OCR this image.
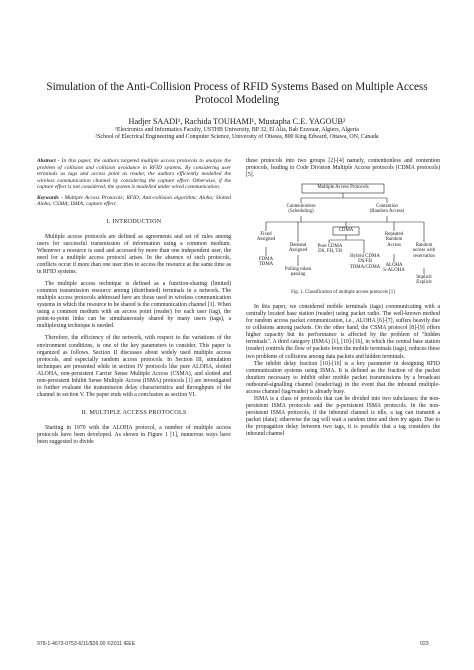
Simulation of the Anti-Collision Process of RFID Systems Based on Multiple Access Protocol Modeling
Hadjer SAADI¹, Rachida TOUHAMI¹, Mustapha C.E. YAGOUB²
¹Electronics and Informatics Faculty, USTHB University, BP 32, El Alia, Bab Ezzouar, Algiers, Algeria
²School of Electrical Engineering and Computer Science, University of Ottawa, 800 King Edward, Ottawa, ON, Canada
Abstract - In this paper, the authors targeted multiple access protocols to analyze the problem of collision and collision avoidance in RFID systems. By considering user terminals as tags and access point as reader, the authors efficiently modelled the wireless communication channel by considering the capture effect. Otherwise, if the capture effect is not considered, the system is modelled under wired communication.
Keywords - Multiple Access Protocols; RFID; Anti-collision algorithm; Aloha; Slotted Aloha; CSMA; ISMA; capture effect.
I. INTRODUCTION

Multiple access protocols are defined as agreements and set of rules among users for successful transmission of information using a common medium. Whenever a resource is used and accessed by more than one independent user, the need for a multiple access protocol arises. In the absence of such protocols, conflicts occur if more than one user tries to access the resource at the same time as in RFID systems.

The multiple access technique is defined as a function-sharing (limited) common transmission resource among (distributed) terminals in a network. The multiple access protocols addressed here are those used in wireless communication systems in which the resource to be shared is the communication channel [1]. When using a common medium with an access point (reader) for each user (tag), the point-to-point links can be simultaneously shared by many users (tags), a multiplexing technique is needed.

Therefore, the efficiency of the network, with respect to the variations of the environment conditions, is one of the key parameters to consider. This paper is organized as follows. Section II discusses about widely used multiple access protocols, and especially random access protocols. In Section III, simulation techniques are presented while in section IV protocols like pure ALOHA, slotted ALOHA, non-persistent Carrier Sense Multiple Access (CSMA), and slotted and non-persistent Inhibit Sense Multiple Access (ISMA) protocols [1] are investigated to further evaluate the transmission delay characteristics and throughputs of the channel in section V. The paper ends with a conclusion as section VI.

II. MULTIPLE ACCESS PROTOCOLS

Starting in 1970 with the ALOHA protocol, a number of multiple access protocols have been developed. As shown in Figure 1 [1], numerous ways have been suggested to divide

these protocols into two groups [2]-[4] namely, contentionless and contention protocols, leading to Code Division Multiple Access protocols (CDMA protocols) [5].

Multiple Access Protocols
Contentionless
(Scheduling)
Contention
(Random Access)
CDMA
Fixed
Assigned
Demand
Assigned
Pure CDMA
DS, FH, TH
Hybrid CDMA
DS/FH
TDMA/CDMA
Repeated
Random
Access	Random
access with
reservation
FDMA
TDMA
Polling token
passing
ALOHA
S-ALOHA
Implicit
Explicit
Fig. 1. Classification of multiple access protocols [1]

In this paper, we considered mobile terminals (tags) communicating with a centrally located base station (reader) using packet radio. The well-known method for random access packet communication, i.e., ALOHA [6]-[7], suffers heavily due to collisions among packets. On the other hand, the CSMA protocol [8]-[9] offers higher capacity but its performance is affected by the problem of "hidden terminals". A third category (ISMA) [1], [10]-[16], in which the central base station (reader) controls the flow of packets from the mobile terminals (tags), reduces these two problems of collisions among data packets and hidden terminals.

The inhibit delay fraction [10]-[16] is a key parameter in designing RFID communication systems using ISMA. It is defined as the fraction of the packet duration necessary to inhibit other mobile packet transmissions by a broadcast outbound-signalling channel (reader/tag) in the event that the inbound multiple-access channel (tag/reader) is already busy.

ISMA is a class of protocols that can be divided into two subclasses: the non-persistent ISMA protocols and the p-persistent ISMA protocols. In the non-persistent ISMA protocols, if the inbound channel is idle, a tag can transmit a packet (data); otherwise the tag will wait a random time and then try again. Due to the propagation delay between two tags, it is possible that a tag considers the inbound channel

978-1-4673-0753-6/11/$26.00 ©2011 IEEE	023
